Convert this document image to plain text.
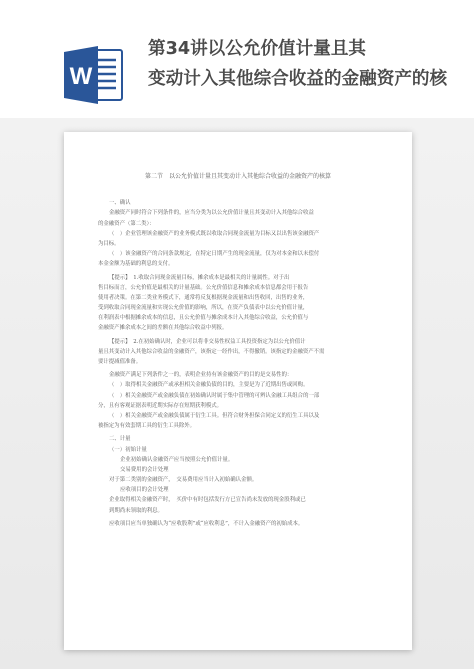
W
第34讲以公允价值计量且其
变动计入其他综合收益的金融资产的核
第二节　以公允价值计量且其变动计入其他综合收益的金融资产的核算
一、确认
金融资产同时符合下列条件的，应当分类为以公允价值计量且其变动计入其他综合收益
的金融资产（第二类）：
（　）企业管理该金融资产的业务模式既以收取合同现金流量为目标又以出售该金融资产
为目标。
（　）该金融资产的合同条款规定，在特定日期产生的现金流量，仅为对本金和以未偿付
本金金额为基础的利息的支付。
【提示】　1.收取合同现金流量目标，摊余成本是最相关的计量属性。对于出
售目标而言，公允价值是最相关的计量基础。公允价值信息和摊余成本信息都会用于报告
使用者决策。在第二类业务模式下，通常将反复根据现金流量和出售收回，出售的业务，
受到收取合同现金流量和实现公允价值的影响，所以，在资产负债表中以公允价值计量，
在利润表中根据摊余成本的信息，且公允价值与摊余成本计入其他综合收益，公允价值与
金融资产摊余成本之间的差额在其他综合收益中列报。
【提示】　2.在初始确认时，企业可以将非交易性权益工具投资指定为以公允价值计
量且其变动计入其他综合收益的金融资产，该指定一经作出，不得撤销。该指定的金融资产不需
要计提减值准备。
金融资产满足下列条件之一的，表明企业持有该金融资产的目的是交易性的：
（　）取得相关金融资产或承担相关金融负债的目的，主要是为了近期出售或回购。
（　）相关金融资产或金融负债在初始确认时属于集中管理的可辨认金融工具组合的一部
分，且有客观证据表明近期实际存在短期获利模式。
（　）相关金融资产或金融负债属于衍生工具。但符合财务担保合同定义的衍生工具以及
被指定为有效套期工具的衍生工具除外。
二、计量
（一）初始计量
企业初始确认金融资产应当按照公允价值计量。
交易费用的会计处理
对于第二类别的金融资产，　交易费用应当计入初始确认金额。
应收项目的会计处理
企业取得相关金融资产时，　买价中有时包括发行方已宣告尚未发放的现金股利或已
到期尚未领取的利息。
应收项目应当单独确认为“应收股利”或“应收利息”，不计入金融资产的初始成本。
